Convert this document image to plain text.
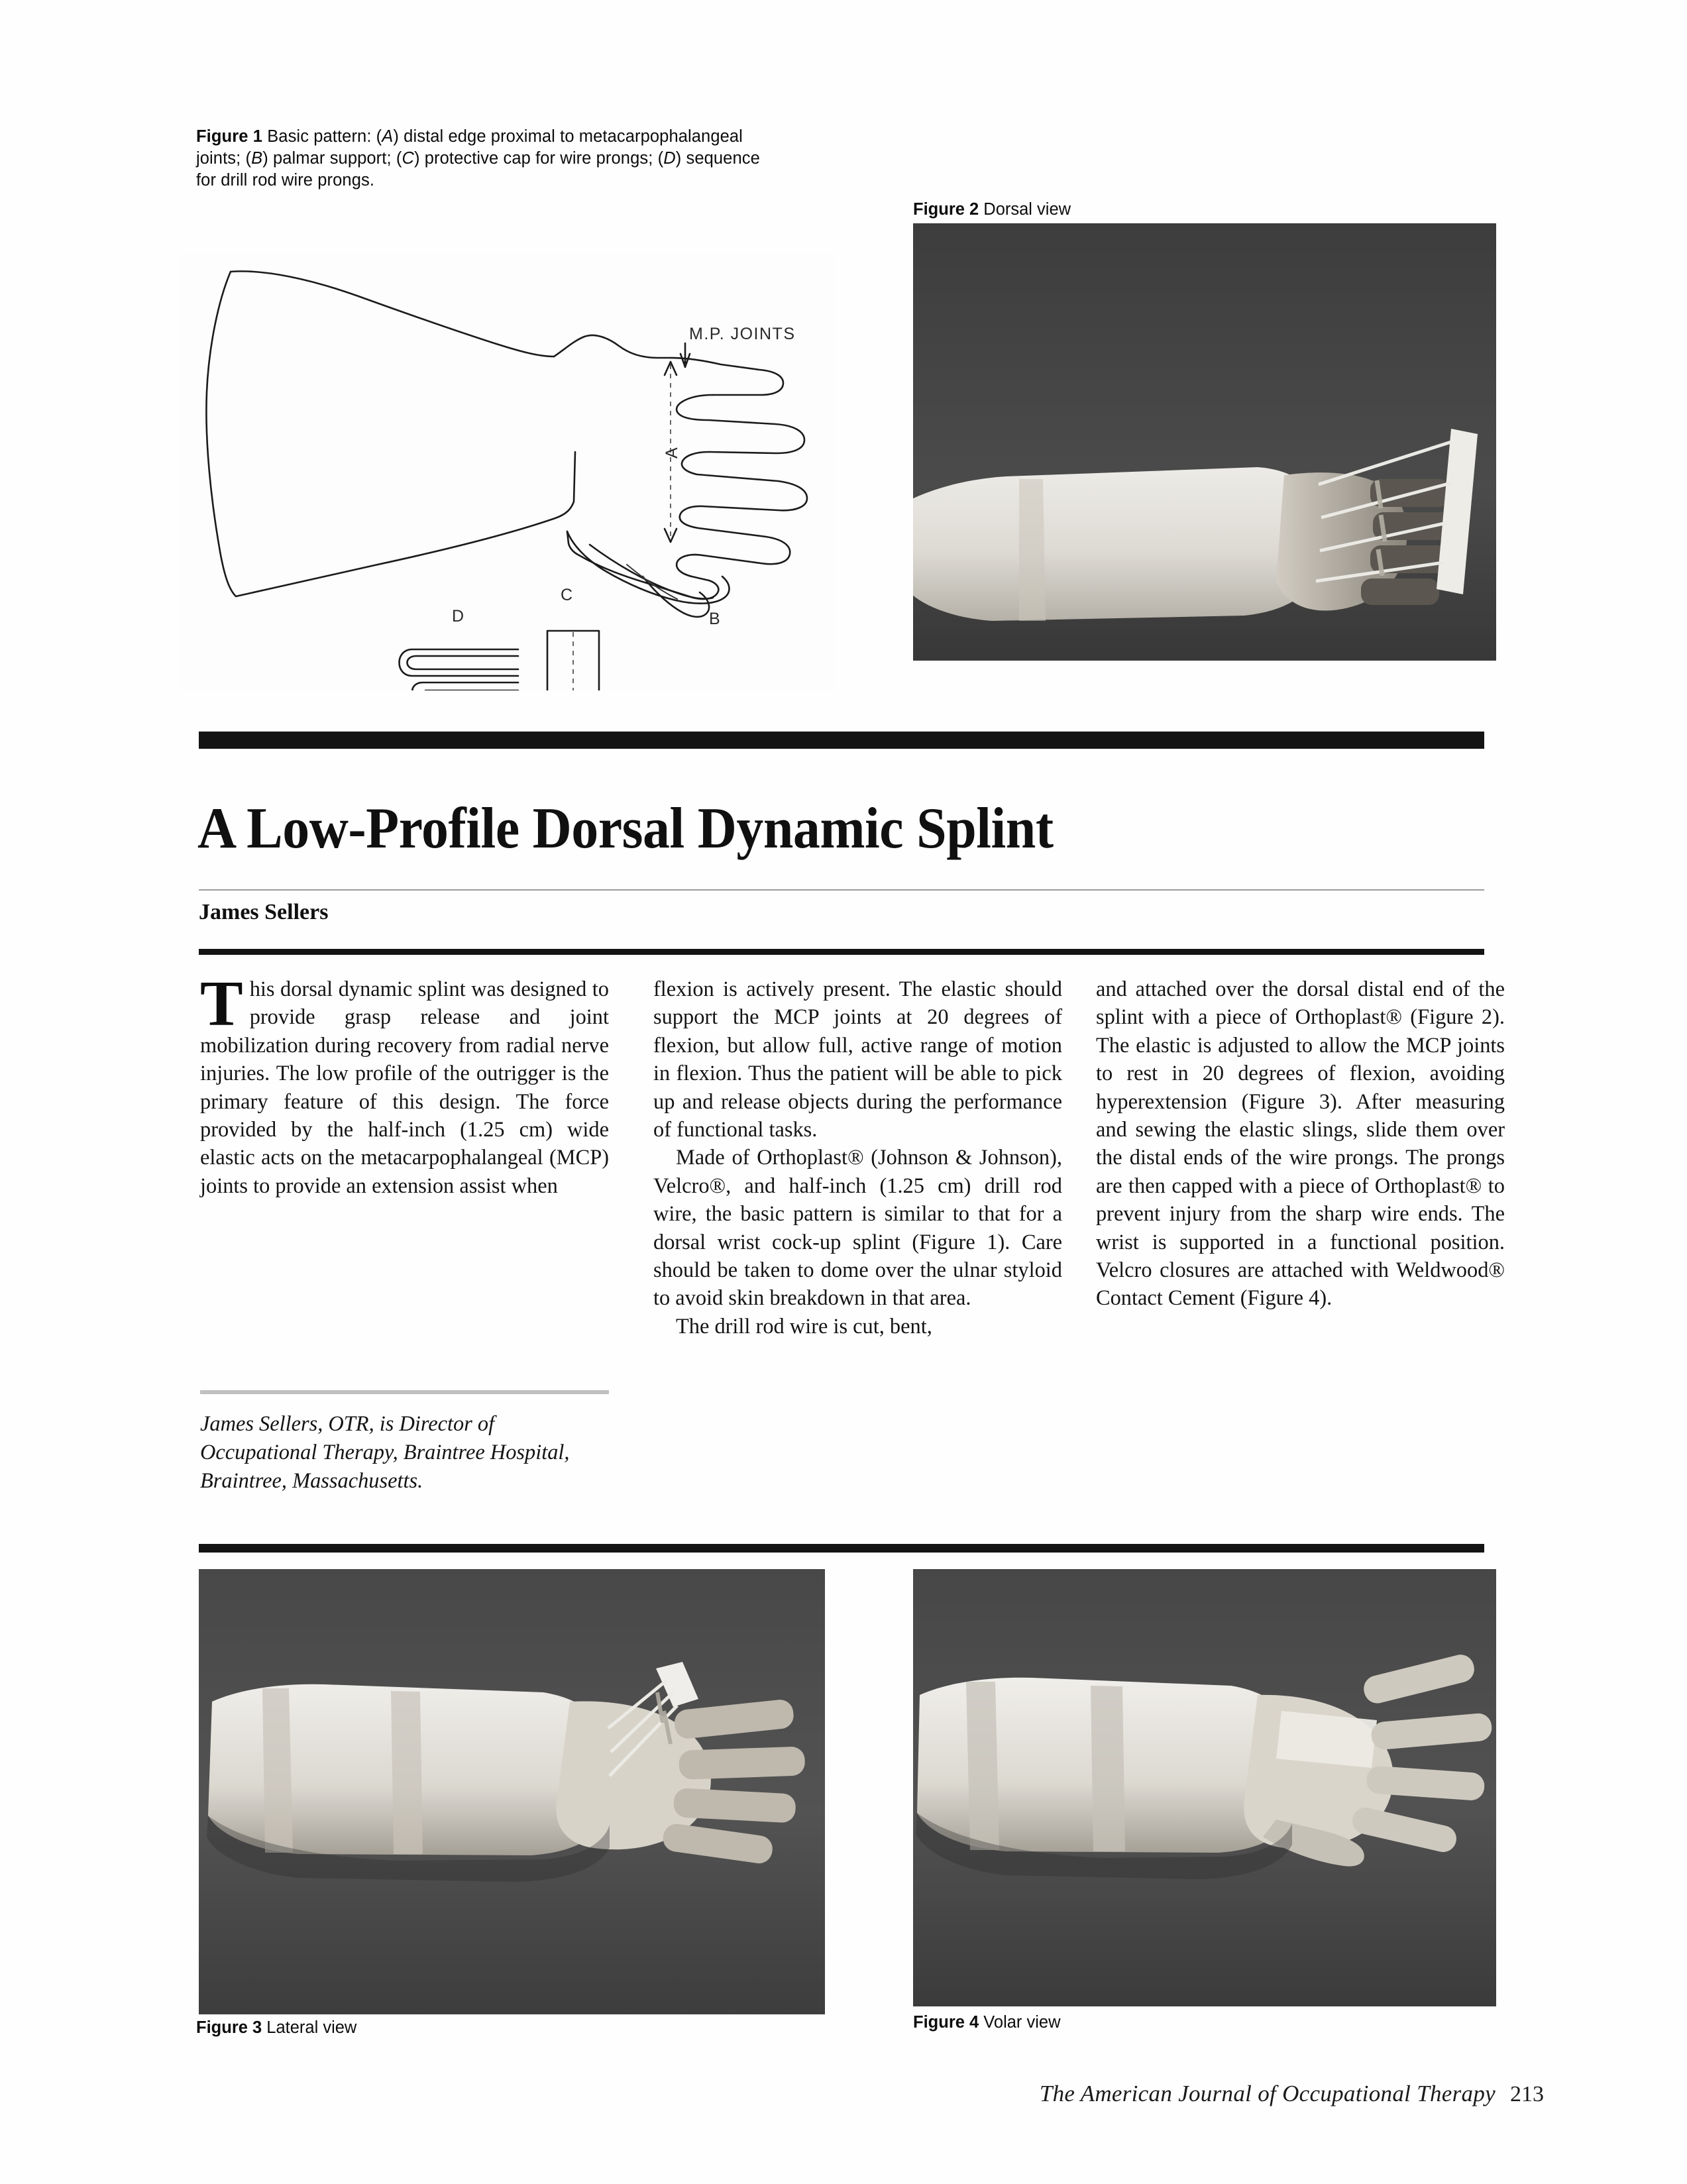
Figure 1 Basic pattern: (A) distal edge proximal to metacarpophalangeal joints; (B) palmar support; (C) protective cap for wire prongs; (D) sequence for drill rod wire prongs.
A
M.P. JOINTS
B
C
D
Figure 2 Dorsal view
A Low-Profile Dorsal Dynamic Splint
James Sellers

This dorsal dynamic splint was designed to provide grasp release and joint mobilization during recovery from radial nerve injuries. The low profile of the outrigger is the primary feature of this design. The force provided by the half-inch (1.25 cm) wide elastic acts on the metacarpophalangeal (MCP) joints to provide an extension assist when

James Sellers, OTR, is Director of Occupational Therapy, Braintree Hospital, Braintree, Massachusetts.

flexion is actively present. The elastic should support the MCP joints at 20 degrees of flexion, but allow full, active range of motion in flexion. Thus the patient will be able to pick up and release objects during the performance of functional tasks.

Made of Orthoplast® (Johnson & Johnson), Velcro®, and half-inch (1.25 cm) drill rod wire, the basic pattern is similar to that for a dorsal wrist cock-up splint (Figure 1). Care should be taken to dome over the ulnar styloid to avoid skin breakdown in that area.

The drill rod wire is cut, bent,

and attached over the dorsal distal end of the splint with a piece of Orthoplast® (Figure 2). The elastic is adjusted to allow the MCP joints to rest in 20 degrees of flexion, avoiding hyperextension (Figure 3). After measuring and sewing the elastic slings, slide them over the distal ends of the wire prongs. The prongs are then capped with a piece of Orthoplast® to prevent injury from the sharp wire ends. The wrist is supported in a functional position. Velcro closures are attached with Weldwood® Contact Cement (Figure 4).

Figure 3 Lateral view	Figure 4 Volar view
The American Journal of Occupational Therapy 213
